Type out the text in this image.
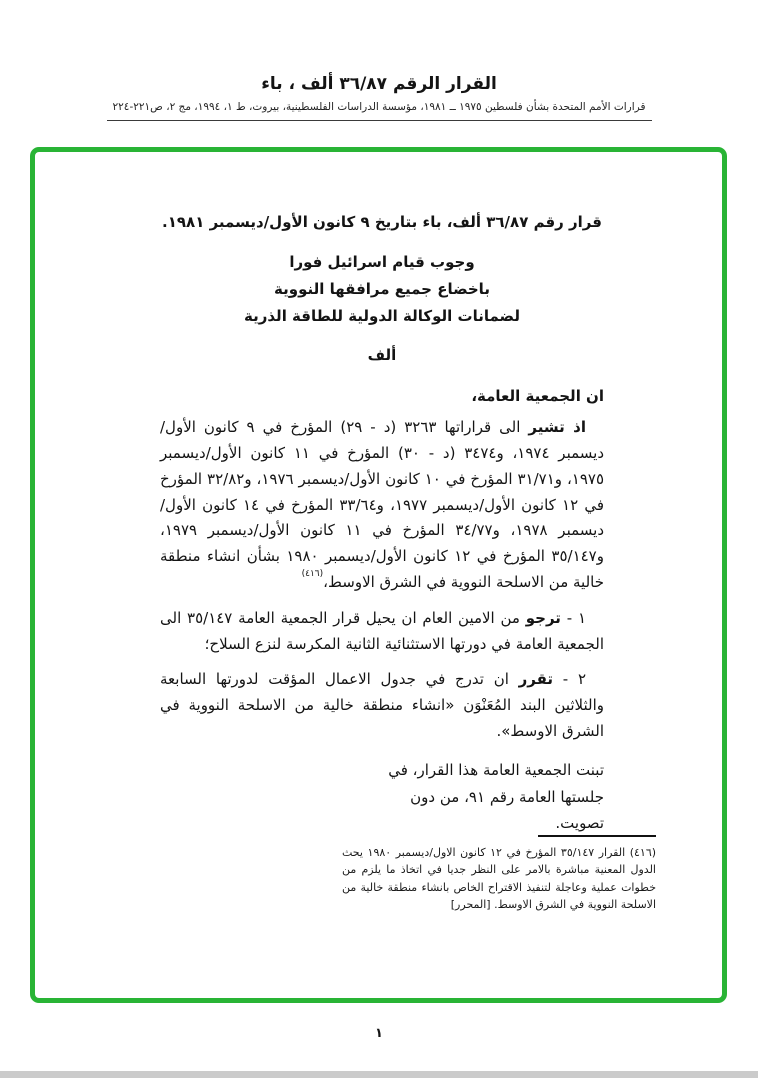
القرار الرقم ٣٦/٨٧ ألف ، باء
قرارات الأمم المتحدة بشأن فلسطين ١٩٧٥ ــ ١٩٨١، مؤسسة الدراسات الفلسطينية، بيروت، ط ١، ١٩٩٤، مج ٢، ص٢٢١-٢٢٤

قرار رقم ٣٦/٨٧ ألف، باء بتاريخ ٩ كانون الأول/ديسمبر ١٩٨١.

وجوب قيام اسرائيل فورا

باخضاع جميع مرافقها النووية

لضمانات الوكالة الدولية للطاقة الذرية

ألف

ان الجمعية العامة،

اذ تشير الى قراراتها ٣٢٦٣ (د - ٢٩) المؤرخ في ٩ كانون الأول/ديسمبر ١٩٧٤، و٣٤٧٤ (د - ٣٠) المؤرخ في ١١ كانون الأول/ديسمبر ١٩٧٥، و٣١/٧١ المؤرخ في ١٠ كانون الأول/ديسمبر ١٩٧٦، و٣٢/٨٢ المؤرخ في ١٢ كانون الأول/ديسمبر ١٩٧٧، و٣٣/٦٤ المؤرخ في ١٤ كانون الأول/ديسمبر ١٩٧٨، و٣٤/٧٧ المؤرخ في ١١ كانون الأول/ديسمبر ١٩٧٩، و٣٥/١٤٧ المؤرخ في ١٢ كانون الأول/ديسمبر ١٩٨٠ بشأن انشاء منطقة خالية من الاسلحة النووية في الشرق الاوسط،$^{(٤١٦)}$

١ - ترجو من الامين العام ان يحيل قرار الجمعية العامة ٣٥/١٤٧ الى الجمعية العامة في دورتها الاستثنائية الثانية المكرسة لنزع السلاح؛

٢ - تقرر ان تدرج في جدول الاعمال المؤقت لدورتها السابعة والثلاثين البند المُعَنْوَن «انشاء منطقة خالية من الاسلحة النووية في الشرق الاوسط».

تبنت الجمعية العامة هذا القرار، في جلستها العامة رقم ٩١، من دون تصويت.

(٤١٦) القرار ٣٥/١٤٧ المؤرخ في ١٢ كانون الاول/ديسمبر ١٩٨٠ يحث الدول المعنية مباشرة بالامر على النظر جديا في اتخاذ ما يلزم من خطوات عملية وعاجلة لتنفيذ الاقتراح الخاص بانشاء منطقة خالية من الاسلحة النووية في الشرق الاوسط. [المحرر]

١
